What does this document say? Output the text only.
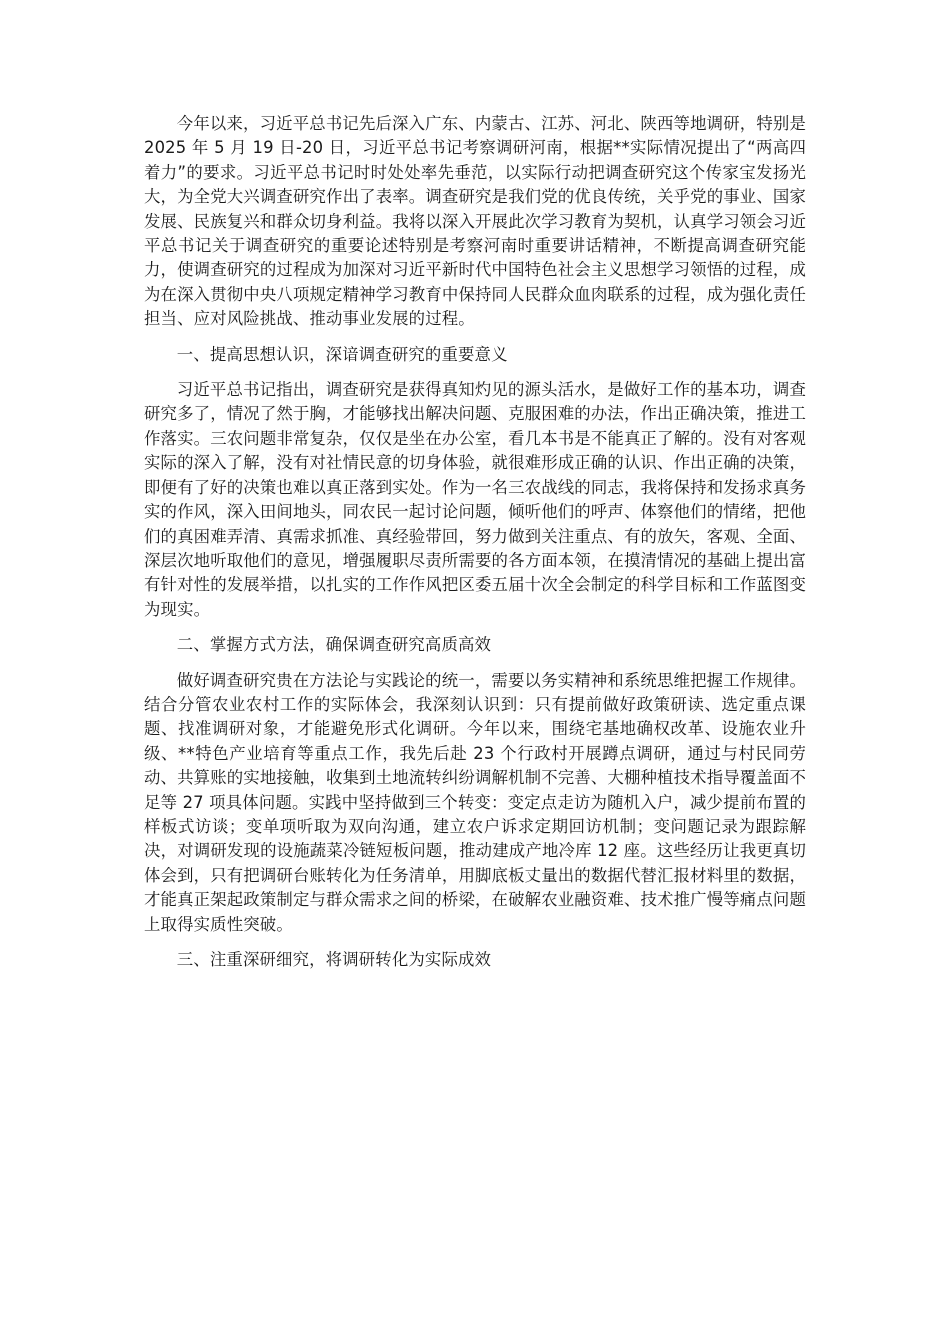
今年以来，习近平总书记先后深入广东、内蒙古、江苏、河北、陕西等地调研，特别是 2025 年 5 月 19 日-20 日，习近平总书记考察调研河南，根据**实际情况提出了“两高四着力”的要求。习近平总书记时时处处率先垂范，以实际行动把调查研究这个传家宝发扬光大，为全党大兴调查研究作出了表率。调查研究是我们党的优良传统，关乎党的事业、国家发展、民族复兴和群众切身利益。我将以深入开展此次学习教育为契机，认真学习领会习近平总书记关于调查研究的重要论述特别是考察河南时重要讲话精神，不断提高调查研究能力，使调查研究的过程成为加深对习近平新时代中国特色社会主义思想学习领悟的过程，成为在深入贯彻中央八项规定精神学习教育中保持同人民群众血肉联系的过程，成为强化责任担当、应对风险挑战、推动事业发展的过程。

一、提高思想认识，深谙调查研究的重要意义

习近平总书记指出，调查研究是获得真知灼见的源头活水，是做好工作的基本功，调查研究多了，情况了然于胸，才能够找出解决问题、克服困难的办法，作出正确决策，推进工作落实。三农问题非常复杂，仅仅是坐在办公室，看几本书是不能真正了解的。没有对客观实际的深入了解，没有对社情民意的切身体验，就很难形成正确的认识、作出正确的决策，即便有了好的决策也难以真正落到实处。作为一名三农战线的同志，我将保持和发扬求真务实的作风，深入田间地头，同农民一起讨论问题，倾听他们的呼声、体察他们的情绪，把他们的真困难弄清、真需求抓准、真经验带回，努力做到关注重点、有的放矢，客观、全面、深层次地听取他们的意见，增强履职尽责所需要的各方面本领，在摸清情况的基础上提出富有针对性的发展举措，以扎实的工作作风把区委五届十次全会制定的科学目标和工作蓝图变为现实。

二、掌握方式方法，确保调查研究高质高效

做好调查研究贵在方法论与实践论的统一，需要以务实精神和系统思维把握工作规律。结合分管农业农村工作的实际体会，我深刻认识到：只有提前做好政策研读、选定重点课题、找准调研对象，才能避免形式化调研。今年以来，围绕宅基地确权改革、设施农业升级、**特色产业培育等重点工作，我先后赴 23 个行政村开展蹲点调研，通过与村民同劳动、共算账的实地接触，收集到土地流转纠纷调解机制不完善、大棚种植技术指导覆盖面不足等 27 项具体问题。实践中坚持做到三个转变：变定点走访为随机入户，减少提前布置的样板式访谈；变单项听取为双向沟通，建立农户诉求定期回访机制；变问题记录为跟踪解决，对调研发现的设施蔬菜冷链短板问题，推动建成产地冷库 12 座。这些经历让我更真切体会到，只有把调研台账转化为任务清单，用脚底板丈量出的数据代替汇报材料里的数据，才能真正架起政策制定与群众需求之间的桥梁，在破解农业融资难、技术推广慢等痛点问题上取得实质性突破。

三、注重深研细究，将调研转化为实际成效
